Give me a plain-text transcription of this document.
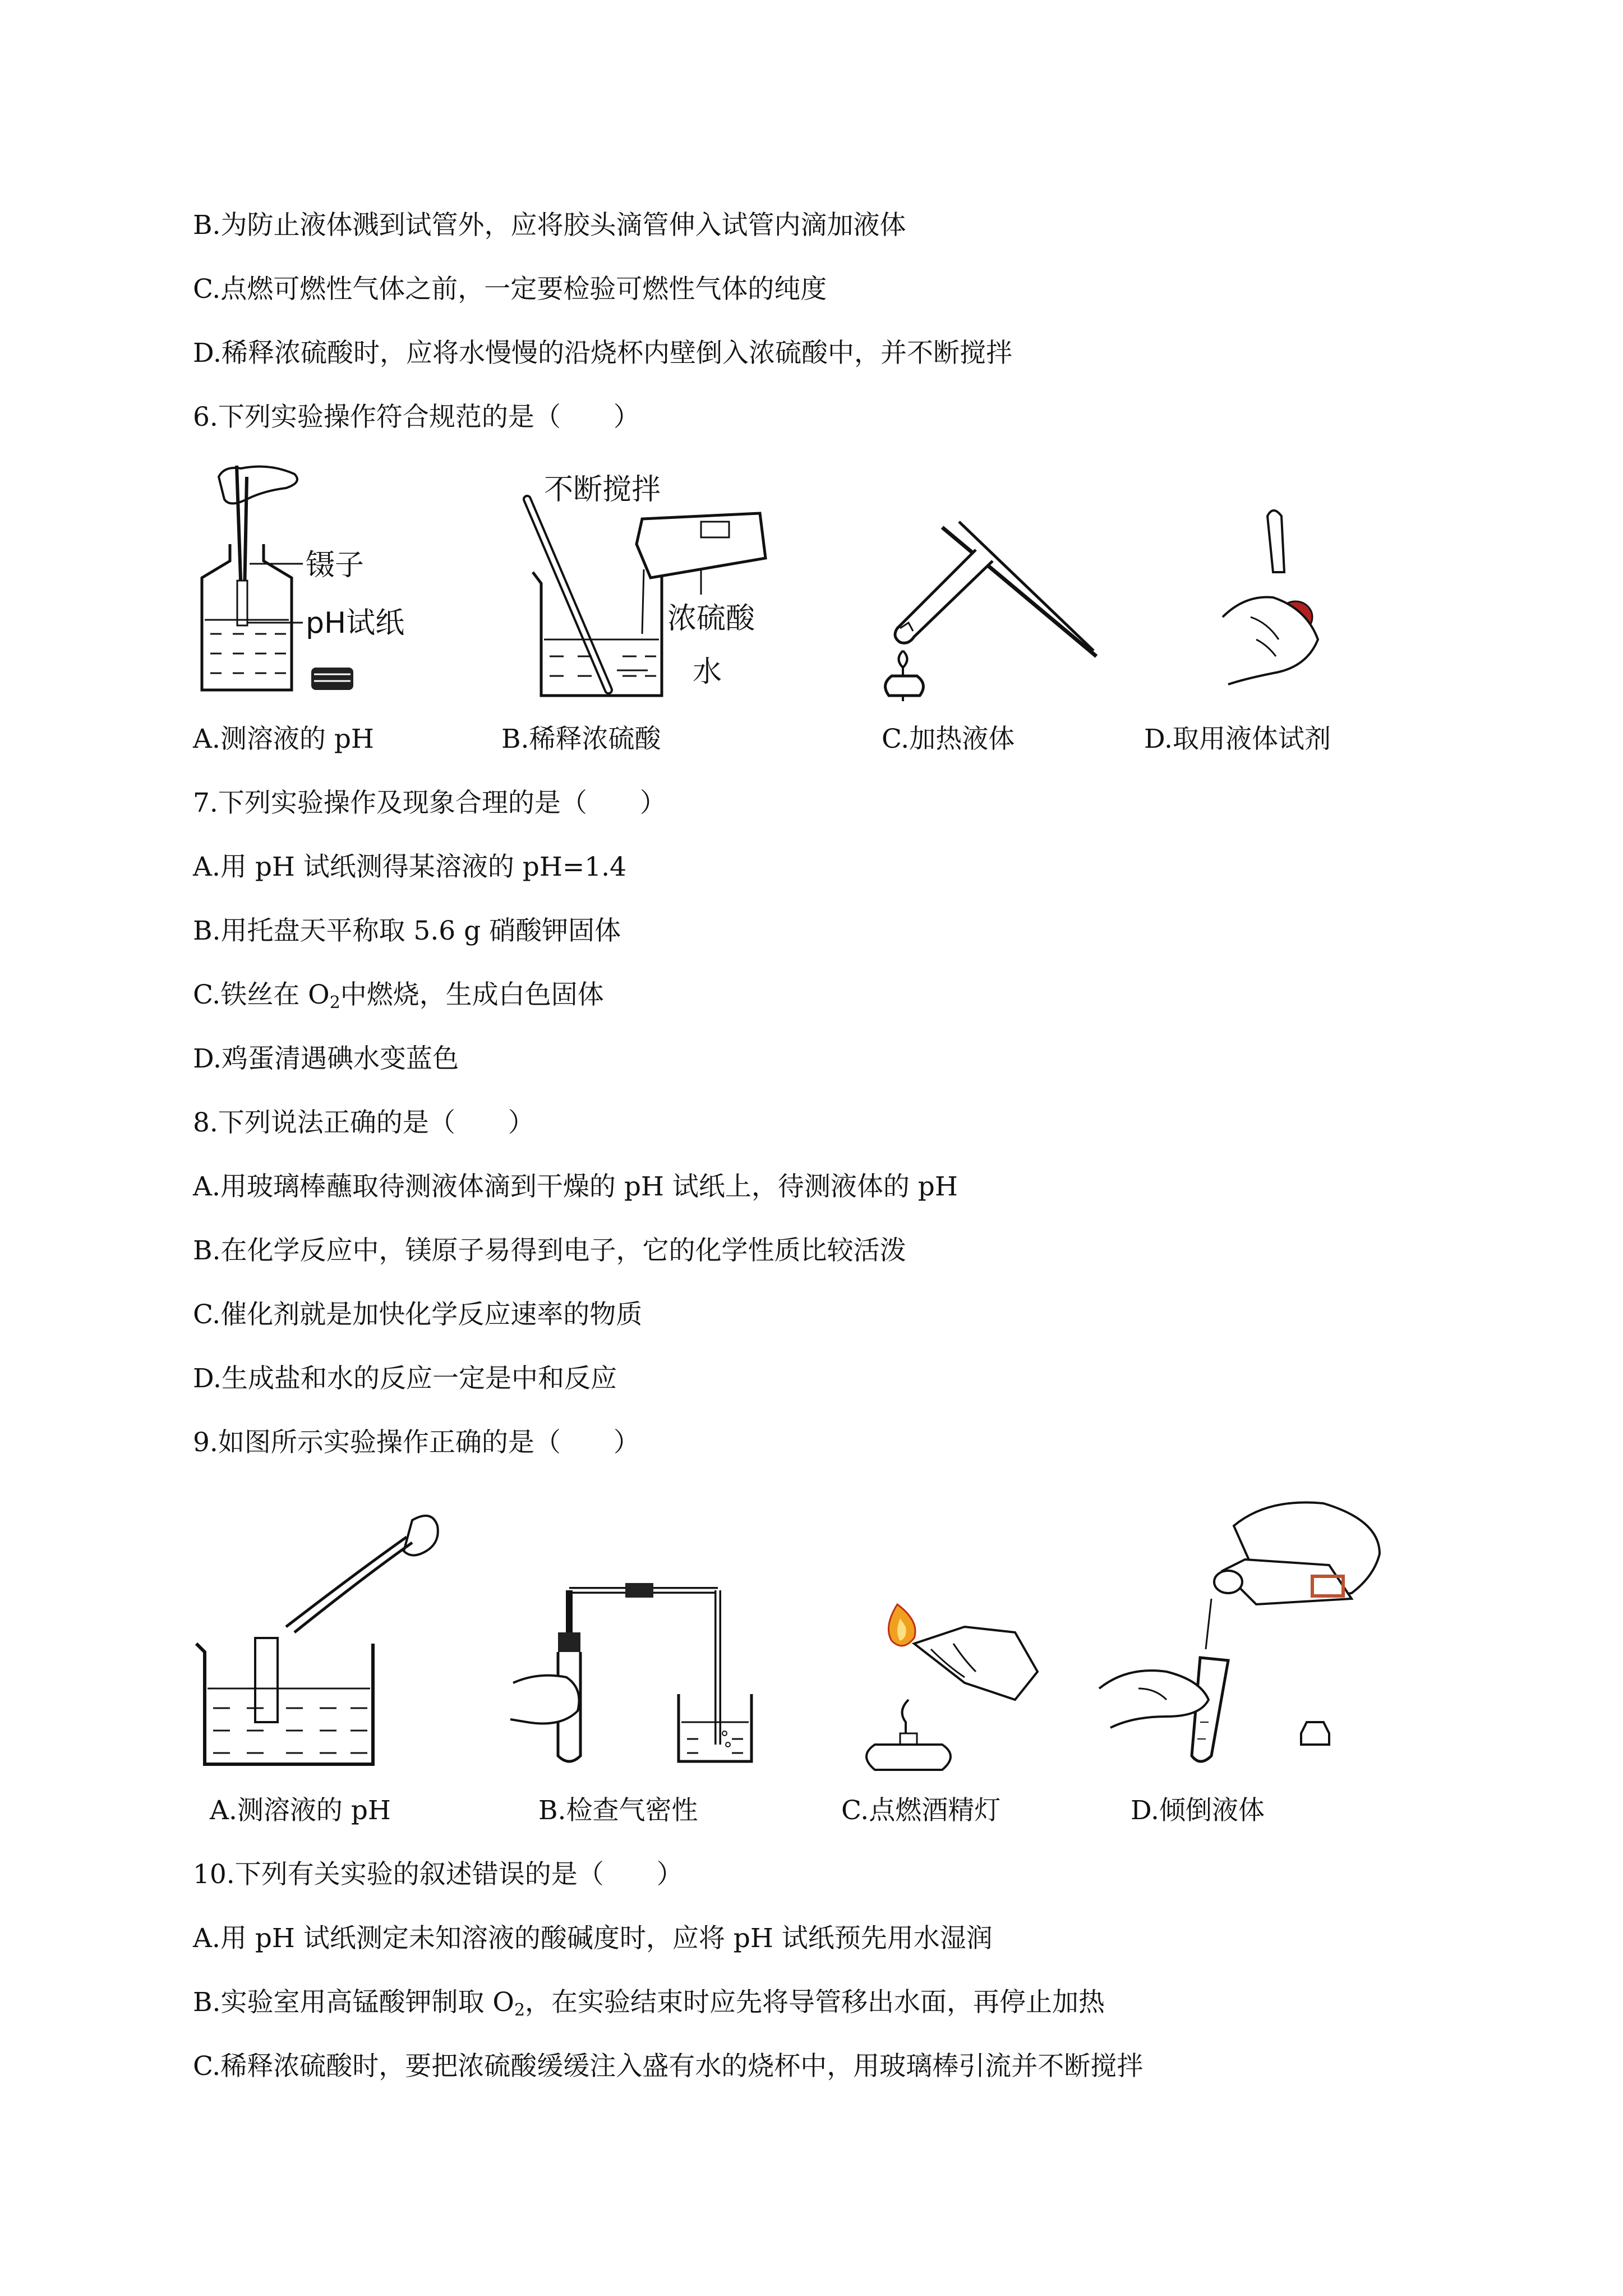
B.为防止液体溅到试管外，应将胶头滴管伸入试管内滴加液体
C.点燃可燃性气体之前，一定要检验可燃性气体的纯度
D.稀释浓硫酸时，应将水慢慢的沿烧杯内壁倒入浓硫酸中，并不断搅拌
6.下列实验操作符合规范的是（　　）
镊子
pH试纸
不断搅拌
浓硫酸
水
A.测溶液的 pH	B.稀释浓硫酸	C.加热液体	D.取用液体试剂
7.下列实验操作及现象合理的是（　　）
A.用 pH 试纸测得某溶液的 pH=1.4
B.用托盘天平称取 5.6 g 硝酸钾固体
C.铁丝在 $O_2$中燃烧，生成白色固体
D.鸡蛋清遇碘水变蓝色
8.下列说法正确的是（　　）
A.用玻璃棒蘸取待测液体滴到干燥的 pH 试纸上，待测液体的 pH
B.在化学反应中，镁原子易得到电子，它的化学性质比较活泼
C.催化剂就是加快化学反应速率的物质
D.生成盐和水的反应一定是中和反应
9.如图所示实验操作正确的是（　　）
A.测溶液的 pH	B.检查气密性	C.点燃酒精灯	D.倾倒液体
10.下列有关实验的叙述错误的是（　　）
A.用 pH 试纸测定未知溶液的酸碱度时，应将 pH 试纸预先用水湿润
B.实验室用高锰酸钾制取 $O_2$，在实验结束时应先将导管移出水面，再停止加热
C.稀释浓硫酸时，要把浓硫酸缓缓注入盛有水的烧杯中，用玻璃棒引流并不断搅拌
